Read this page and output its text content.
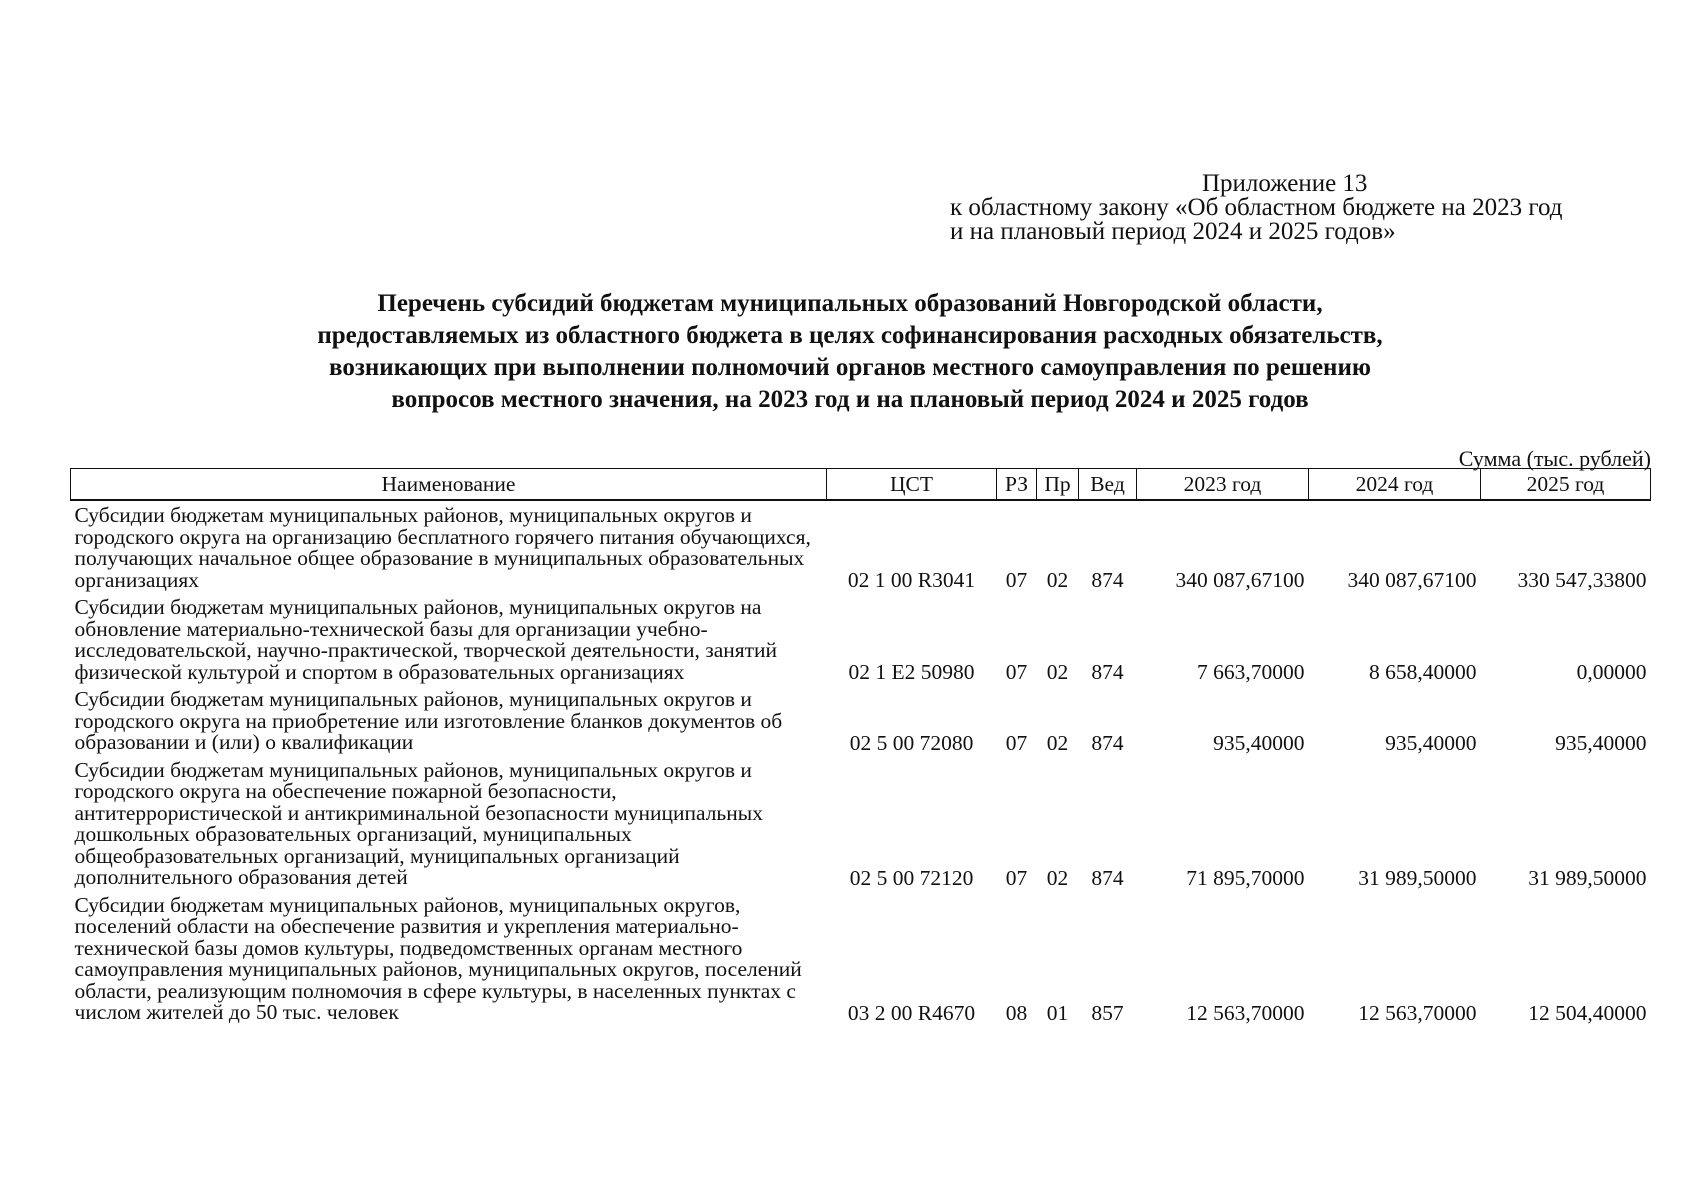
Приложение 13
к областному закону «Об областном бюджете на 2023 год
и на плановый период 2024 и 2025 годов»
Перечень субсидий бюджетам муниципальных образований Новгородской области,
предоставляемых из областного бюджета в целях софинансирования расходных обязательств,
возникающих при выполнении полномочий органов местного самоуправления по решению
вопросов местного значения, на 2023 год и на плановый период 2024 и 2025 годов
Сумма (тыс. рублей)
Наименование	ЦСТ	РЗ	Пр	Вед	2023 год	2024 год	2025 год
Субсидии бюджетам муниципальных районов, муниципальных округов и городского округа на организацию бесплатного горячего питания обучающихся, получающих начальное общее образование в муниципальных образовательных организациях	02 1 00 R3041	07	02	874	340 087,67100	340 087,67100	330 547,33800
Субсидии бюджетам муниципальных районов, муниципальных округов на обновление материально-технической базы для организации учебно-исследовательской, научно-практической, творческой деятельности, занятий физической культурой и спортом в образовательных организациях	02 1 E2 50980	07	02	874	7 663,70000	8 658,40000	0,00000
Субсидии бюджетам муниципальных районов, муниципальных округов и городского округа на приобретение или изготовление бланков документов об образовании и (или) о квалификации	02 5 00 72080	07	02	874	935,40000	935,40000	935,40000
Субсидии бюджетам муниципальных районов, муниципальных округов и городского округа на обеспечение пожарной безопасности, антитеррористической и антикриминальной безопасности муниципальных дошкольных образовательных организаций, муниципальных общеобразовательных организаций, муниципальных организаций дополнительного образования детей	02 5 00 72120	07	02	874	71 895,70000	31 989,50000	31 989,50000
Субсидии бюджетам муниципальных районов, муниципальных округов, поселений области на обеспечение развития и укрепления материально-технической базы домов культуры, подведомственных органам местного самоуправления муниципальных районов, муниципальных округов, поселений области, реализующим полномочия в сфере культуры, в населенных пунктах с числом жителей до 50 тыс. человек	03 2 00 R4670	08	01	857	12 563,70000	12 563,70000	12 504,40000
